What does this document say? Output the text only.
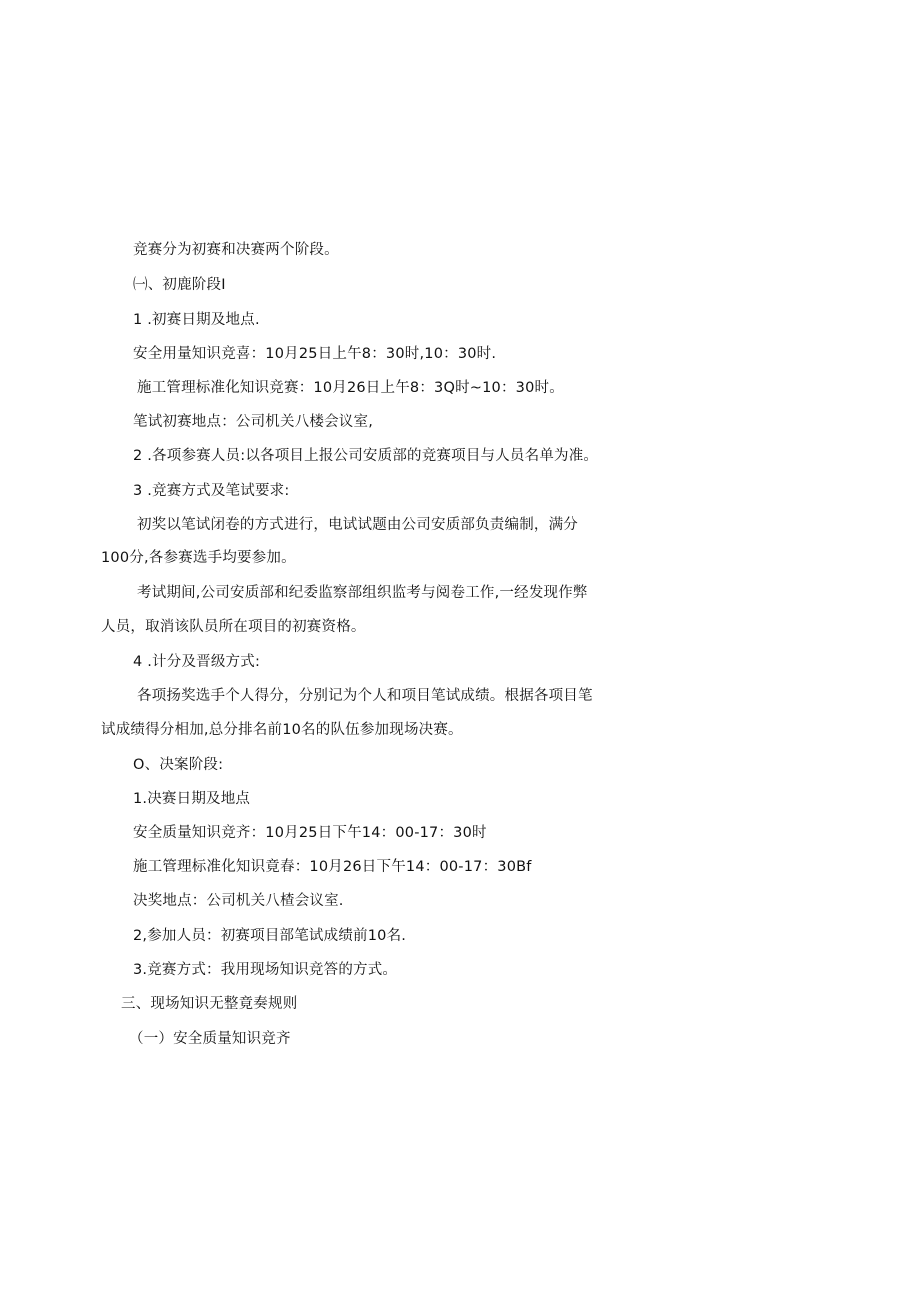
竞赛分为初赛和决赛两个阶段。
㈠、初鹿阶段I
1 .初赛日期及地点.
安全用量知识竞喜：10月25日上午8：30时,10：30时.
施工管理标准化知识竞赛：10月26日上午8：3Q时~10：30时。
笔试初赛地点：公司机关八楼会议室,
2 .各项参赛人员:以各项目上报公司安质部的竞赛项目与人员名单为准。
3 .竞赛方式及笔试要求:
初奖以笔试闭卷的方式进行，电试试题由公司安质部负责编制，满分
100分,各参赛选手均要参加。
考试期间,公司安质部和纪委监察部组织监考与阅卷工作,一经发现作弊
人员，取消该队员所在项目的初赛资格。
4 .计分及晋级方式:
各项扬奖选手个人得分，分别记为个人和项目笔试成绩。根据各项目笔
试成绩得分相加,总分排名前10名的队伍参加现场决赛。
O、决案阶段:
1.决赛日期及地点
安全质量知识竞齐：10月25日下午14：00-17：30时
施工管理标准化知识竟春：10月26日下午14：00-17：30Bf
决奖地点：公司机关八楂会议室.
2,参加人员：初赛项目部笔试成绩前10名.
3.竞赛方式：我用现场知识竞答的方式。
三、现场知识无整竟奏规则
（一）安全质量知识竞齐
